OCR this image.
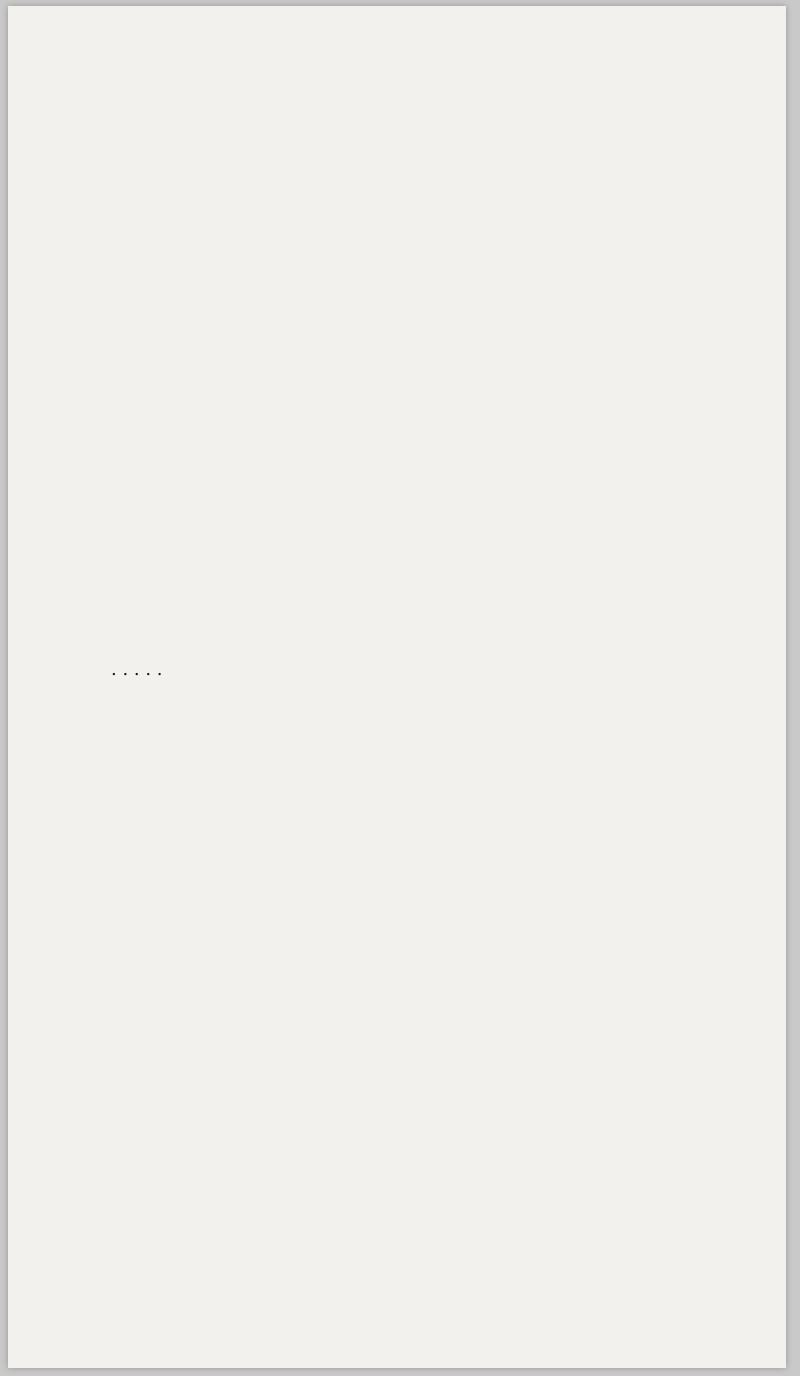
. . . . .
